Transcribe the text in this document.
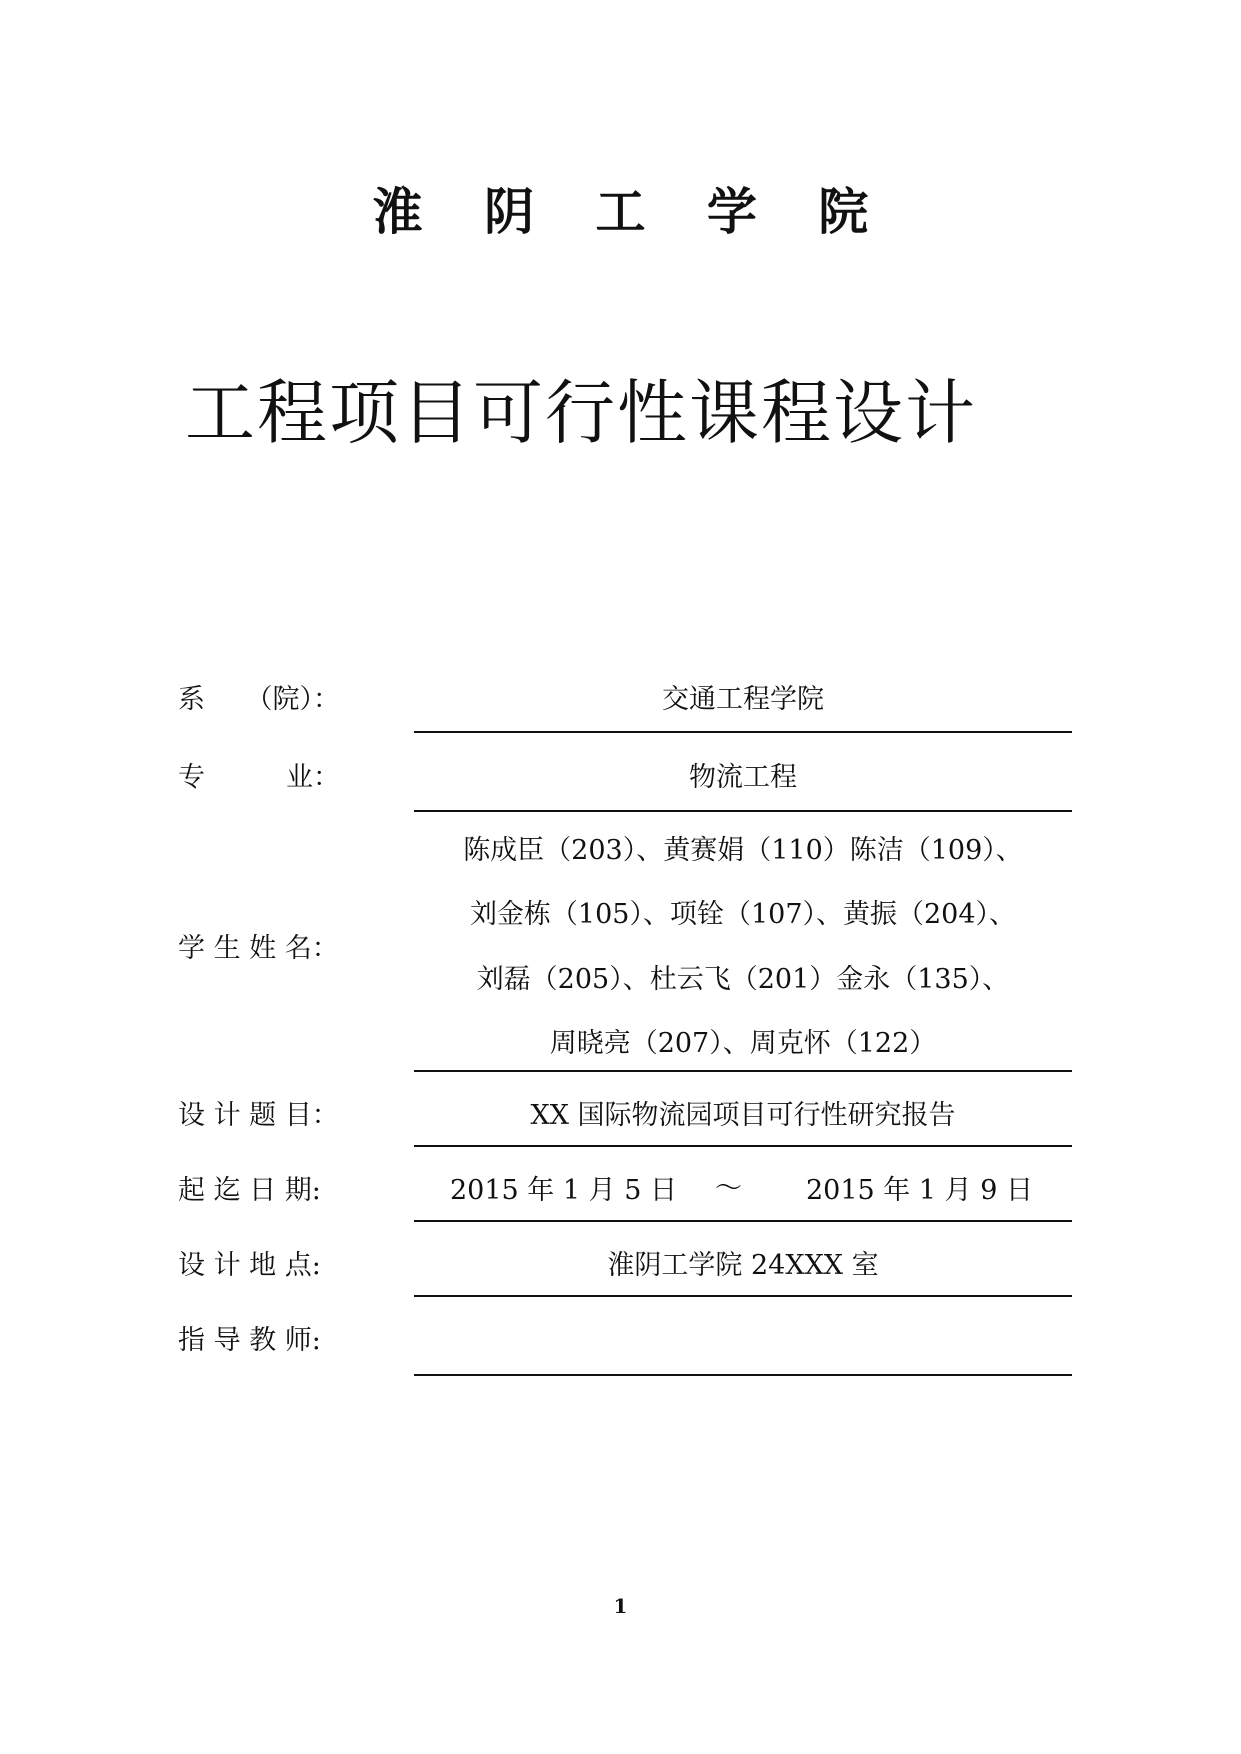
淮 阴 工 学 院
工程项目可行性课程设计
系　　（院）：	交通工程学院
专　　　业：	物流工程
学 生 姓 名：
陈成臣（203）、黄赛娟（110）陈洁（109）、
刘金栋（105）、项铨（107）、黄振（204）、
刘磊（205）、杜云飞（201）金永（135）、
周晓亮（207）、周克怀（122）
设 计 题 目：	XX 国际物流园项目可行性研究报告
起 迄 日 期:	2015 年 1 月 5 日 ～ 2015 年 1 月 9 日
设 计 地 点:	淮阴工学院 24XXX 室
指 导 教 师:
1
